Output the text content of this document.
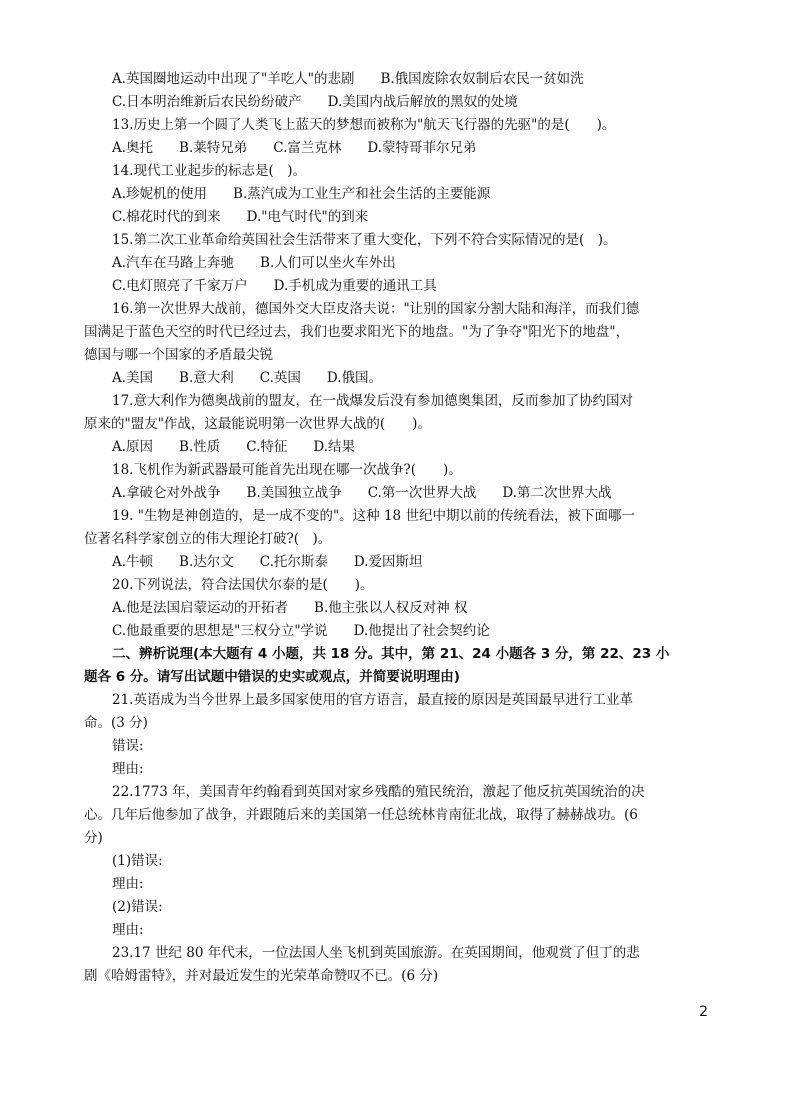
A.英国圈地运动中出现了"羊吃人"的悲剧 B.俄国废除农奴制后农民一贫如洗
C.日本明治维新后农民纷纷破产 D.美国内战后解放的黑奴的处境
13.历史上第一个圆了人类飞上蓝天的梦想而被称为"航天飞行器的先驱"的是(　　)。
A.奥托 B.莱特兄弟 C.富兰克林 D.蒙特哥菲尔兄弟
14.现代工业起步的标志是(　)。
A.珍妮机的使用 B.蒸汽成为工业生产和社会生活的主要能源
C.棉花时代的到来 D."电气时代"的到来
15.第二次工业革命给英国社会生活带来了重大变化，下列不符合实际情况的是(　)。
A.汽车在马路上奔驰 B.人们可以坐火车外出
C.电灯照亮了千家万户 D.手机成为重要的通讯工具
16.第一次世界大战前，德国外交大臣皮洛夫说："让别的国家分割大陆和海洋，而我们德
国满足于蓝色天空的时代已经过去，我们也要求阳光下的地盘。"为了争夺"阳光下的地盘"，
德国与哪一个国家的矛盾最尖锐
A.美国 B.意大利 C.英国 D.俄国。
17.意大利作为德奥战前的盟友，在一战爆发后没有参加德奥集团，反而参加了协约国对
原来的"盟友"作战，这最能说明第一次世界大战的(　　)。
A.原因 B.性质 C.特征 D.结果
18.飞机作为新武器最可能首先出现在哪一次战争?(　　)。
A.拿破仑对外战争 B.美国独立战争 C.第一次世界大战 D.第二次世界大战
19. "生物是神创造的，是一成不变的"。这种 18 世纪中期以前的传统看法，被下面哪一
位著名科学家创立的伟大理论打破?(　)。
A.牛顿 B.达尔文 C.托尔斯泰 D.爱因斯坦
20.下列说法，符合法国伏尔泰的是(　　)。
A.他是法国启蒙运动的开拓者 B.他主张以人权反对神 权
C.他最重要的思想是"三权分立"学说 D.他提出了社会契约论
二、辨析说理(本大题有 4 小题，共 18 分。其中，第 21、24 小题各 3 分，第 22、23 小
题各 6 分。请写出试题中错误的史实或观点，并简要说明理由)
21.英语成为当今世界上最多国家使用的官方语言，最直接的原因是英国最早进行工业革
命。(3 分)
错误:
理由:
22.1773 年，美国青年约翰看到英国对家乡残酷的殖民统治，激起了他反抗英国统治的决
心。几年后他参加了战争，并跟随后来的美国第一任总统林肯南征北战，取得了赫赫战功。(6
分)
(1)错误:
理由:
(2)错误:
理由:
23.17 世纪 80 年代末，一位法国人坐飞机到英国旅游。在英国期间，他观赏了但丁的悲
剧《哈姆雷特》，并对最近发生的光荣革命赞叹不已。(6 分)
2
